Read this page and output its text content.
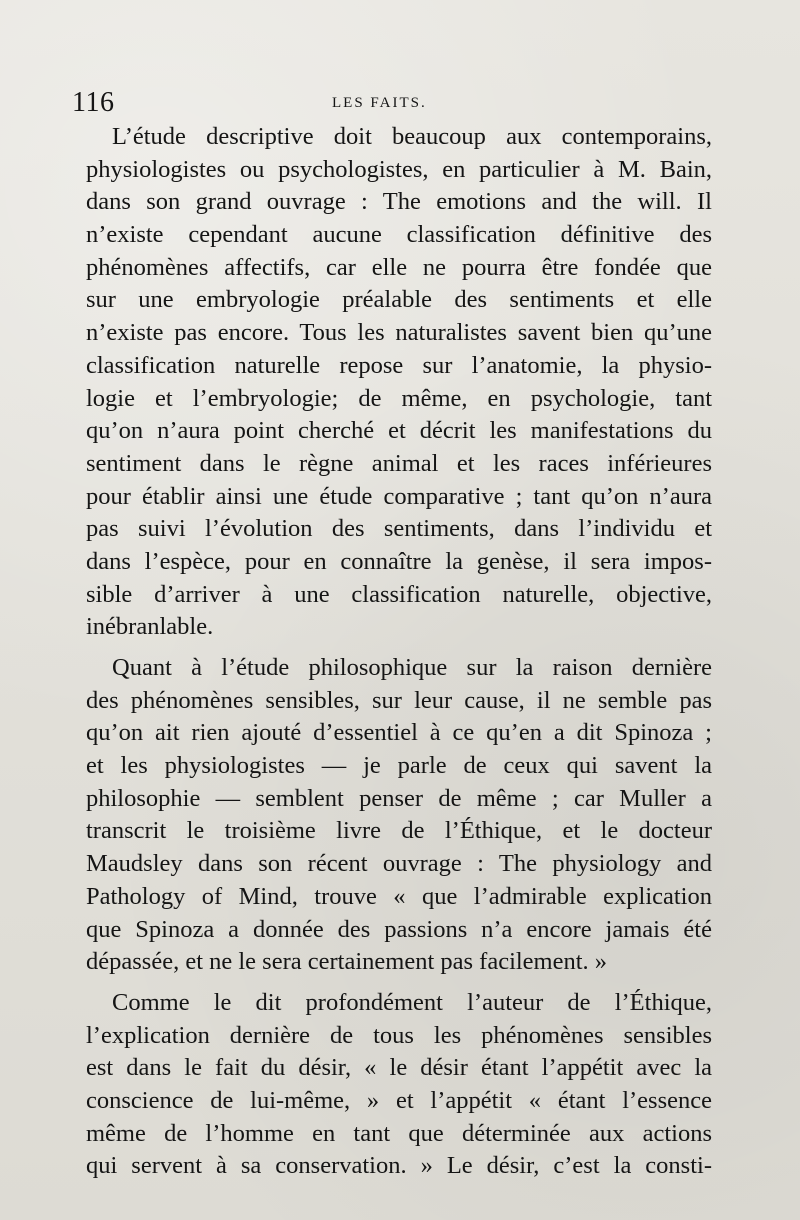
116	LES FAITS.
L’étude descriptive doit beaucoup aux contemporains,
physiologistes ou psychologistes, en particulier à M. Bain,
dans son grand ouvrage : The emotions and the will. Il
n’existe cependant aucune classification définitive des
phénomènes affectifs, car elle ne pourra être fondée que
sur une embryologie préalable des sentiments et elle
n’existe pas encore. Tous les naturalistes savent bien qu’une
classification naturelle repose sur l’anatomie, la physio-
logie et l’embryologie; de même, en psychologie, tant
qu’on n’aura point cherché et décrit les manifestations du
sentiment dans le règne animal et les races inférieures
pour établir ainsi une étude comparative ; tant qu’on n’aura
pas suivi l’évolution des sentiments, dans l’individu et
dans l’espèce, pour en connaître la genèse, il sera impos-
sible d’arriver à une classification naturelle, objective,
inébranlable.
Quant à l’étude philosophique sur la raison dernière
des phénomènes sensibles, sur leur cause, il ne semble pas
qu’on ait rien ajouté d’essentiel à ce qu’en a dit Spinoza ;
et les physiologistes — je parle de ceux qui savent la
philosophie — semblent penser de même ; car Muller a
transcrit le troisième livre de l’Éthique, et le docteur
Maudsley dans son récent ouvrage : The physiology and
Pathology of Mind, trouve « que l’admirable explication
que Spinoza a donnée des passions n’a encore jamais été
dépassée, et ne le sera certainement pas facilement. »
Comme le dit profondément l’auteur de l’Éthique,
l’explication dernière de tous les phénomènes sensibles
est dans le fait du désir, « le désir étant l’appétit avec la
conscience de lui-même, » et l’appétit « étant l’essence
même de l’homme en tant que déterminée aux actions
qui servent à sa conservation. » Le désir, c’est la consti-
